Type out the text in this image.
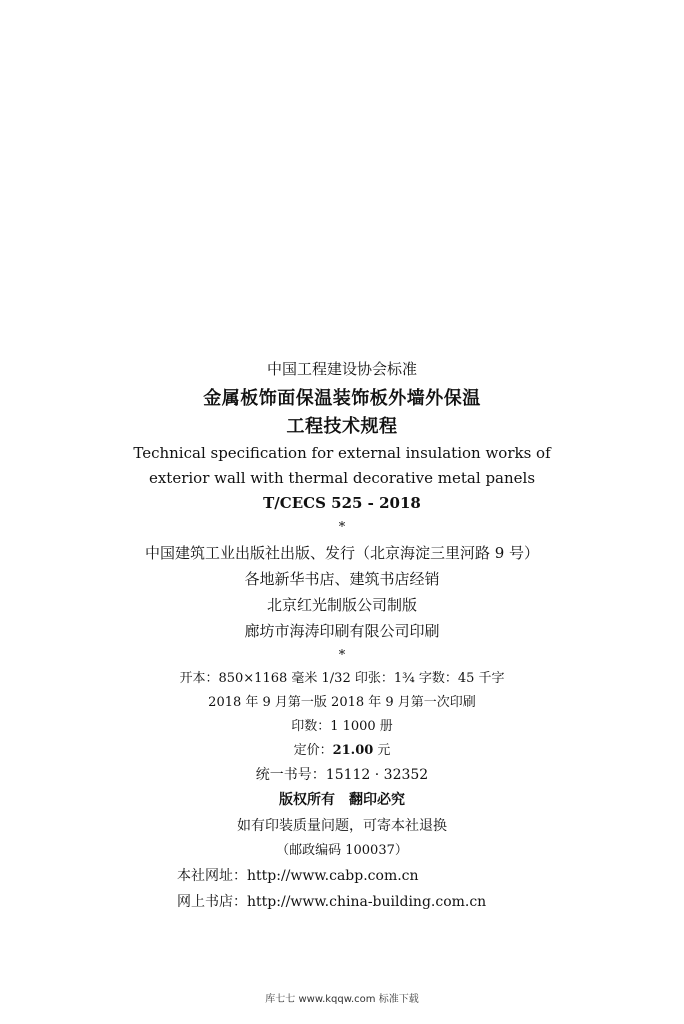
中国工程建设协会标准
金属板饰面保温装饰板外墙外保温
工程技术规程
Technical specification for external insulation works of
exterior wall with thermal decorative metal panels
T/CECS 525 - 2018
*
中国建筑工业出版社出版、发行（北京海淀三里河路 9 号）
各地新华书店、建筑书店经销
北京红光制版公司制版
廊坊市海涛印刷有限公司印刷
*
开本：850×1168 毫米 1/32 印张：1¾ 字数：45 千字
2018 年 9 月第一版 2018 年 9 月第一次印刷
印数：1 1000 册
定价：21.00 元
统一书号：15112 · 32352
版权所有 翻印必究
如有印装质量问题，可寄本社退换
（邮政编码 100037）
本社网址：http://www.cabp.com.cn
网上书店：http://www.china-building.com.cn
库七七 www.kqqw.com 标准下载
